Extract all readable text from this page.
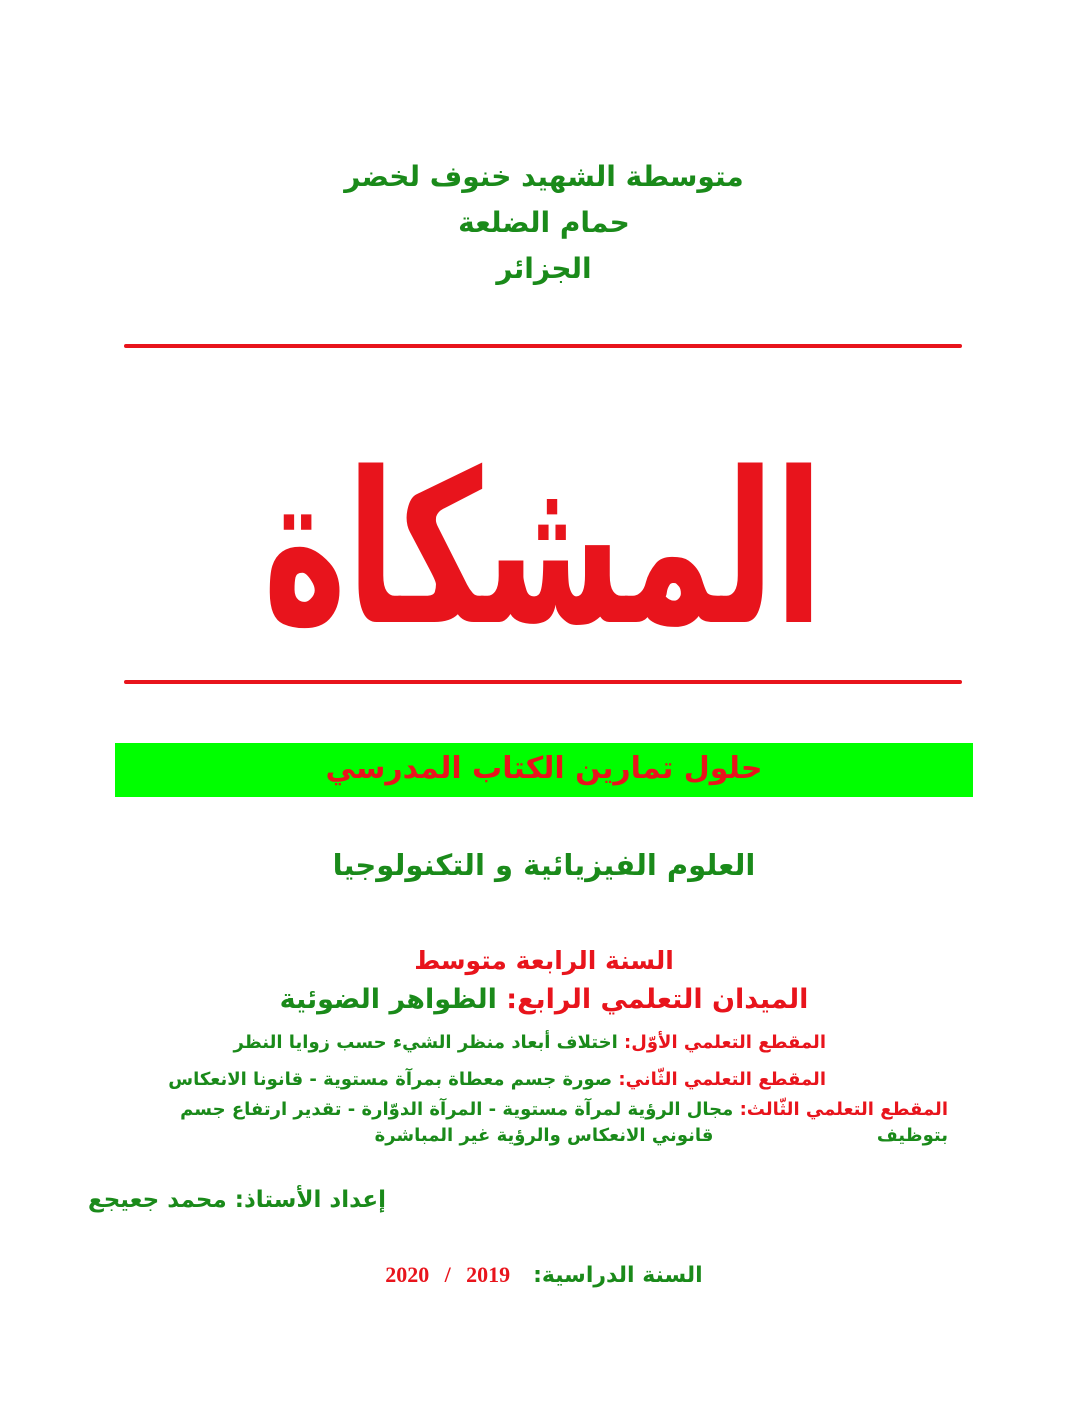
متوسطة الشهيد خنوف لخضر
حمام الضلعة
الجزائر
المشكاة
حلول تمارين الكتاب المدرسي
العلوم الفيزيائية و التكنولوجيا
السنة الرابعة متوسط
الميدان التعلمي الرابع: الظواهر الضوئية
المقطع التعلمي الأوّل: اختلاف أبعاد منظر الشيء حسب زوايا النظر
المقطع التعلمي الثّاني: صورة جسم معطاة بمرآة مستوية - قانونا الانعكاس
المقطع التعلمي الثّالث: مجال الرؤية لمرآة مستوية - المرآة الدوّارة - تقدير ارتفاع جسم بتوظيف
قانوني الانعكاس والرؤية غير المباشرة
إعداد الأستاذ: محمد جعيجع
السنة الدراسية:   2020 / 2019
